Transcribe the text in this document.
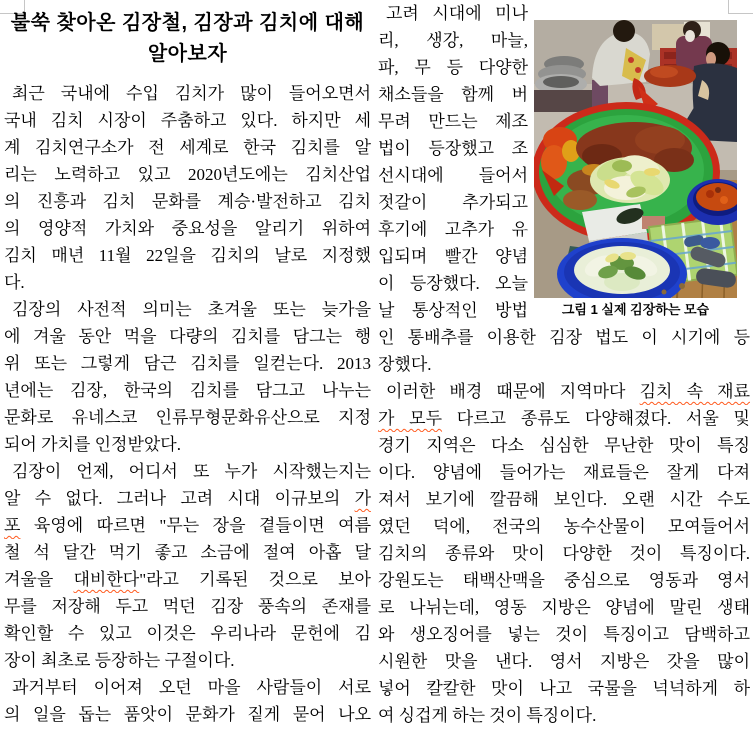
불쑥 찾아온 김장철, 김장과 김치에 대해
알아보자
최근 국내에 수입 김치가 많이 들어오면서
국내 김치 시장이 주춤하고 있다. 하지만 세
계 김치연구소가 전 세계로 한국 김치를 알
리는 노력하고 있고 2020년도에는 김치산업
의 진흥과 김치 문화를 계승·발전하고 김치
의 영양적 가치와 중요성을 알리기 위하여
김치 매년 11월 22일을 김치의 날로 지정했
다.
김장의 사전적 의미는 초겨울 또는 늦가을
에 겨울 동안 먹을 다량의 김치를 담그는 행
위 또는 그렇게 담근 김치를 일컫는다. 2013
년에는 김장, 한국의 김치를 담그고 나누는
문화로 유네스코 인류무형문화유산으로 지정
되어 가치를 인정받았다.
김장이 언제, 어디서 또 누가 시작했는지는
알 수 없다. 그러나 고려 시대 이규보의 가
포 육영에 따르면 "무는 장을 곁들이면 여름
철 석 달간 먹기 좋고 소금에 절여 아홉 달
겨울을 대비한다"라고 기록된 것으로 보아
무를 저장해 두고 먹던 김장 풍속의 존재를
확인할 수 있고 이것은 우리나라 문헌에 김
장이 최초로 등장하는 구절이다.
과거부터 이어져 오던 마을 사람들이 서로
의 일을 돕는 품앗이 문화가 짙게 묻어 나오
그림 1 실제 김장하는 모습
고려 시대에 미나
리, 생강, 마늘,
파, 무 등 다양한
채소들을 함께 버
무려 만드는 제조
법이 등장했고 조
선시대에 들어서
젓갈이 추가되고
후기에 고추가 유
입되며 빨간 양념
이 등장했다. 오늘
날 통상적인 방법
인 통배추를 이용한 김장 법도 이 시기에 등
장했다.
이러한 배경 때문에 지역마다 김치 속 재료
가 모두 다르고 종류도 다양해졌다. 서울 및
경기 지역은 다소 심심한 무난한 맛이 특징
이다. 양념에 들어가는 재료들은 잘게 다져
져서 보기에 깔끔해 보인다. 오랜 시간 수도
였던 덕에, 전국의 농수산물이 모여들어서
김치의 종류와 맛이 다양한 것이 특징이다.
강원도는 태백산맥을 중심으로 영동과 영서
로 나뉘는데, 영동 지방은 양념에 말린 생태
와 생오징어를 넣는 것이 특징이고 담백하고
시원한 맛을 낸다. 영서 지방은 갓을 많이
넣어 칼칼한 맛이 나고 국물을 넉넉하게 하
여 싱겁게 하는 것이 특징이다.
